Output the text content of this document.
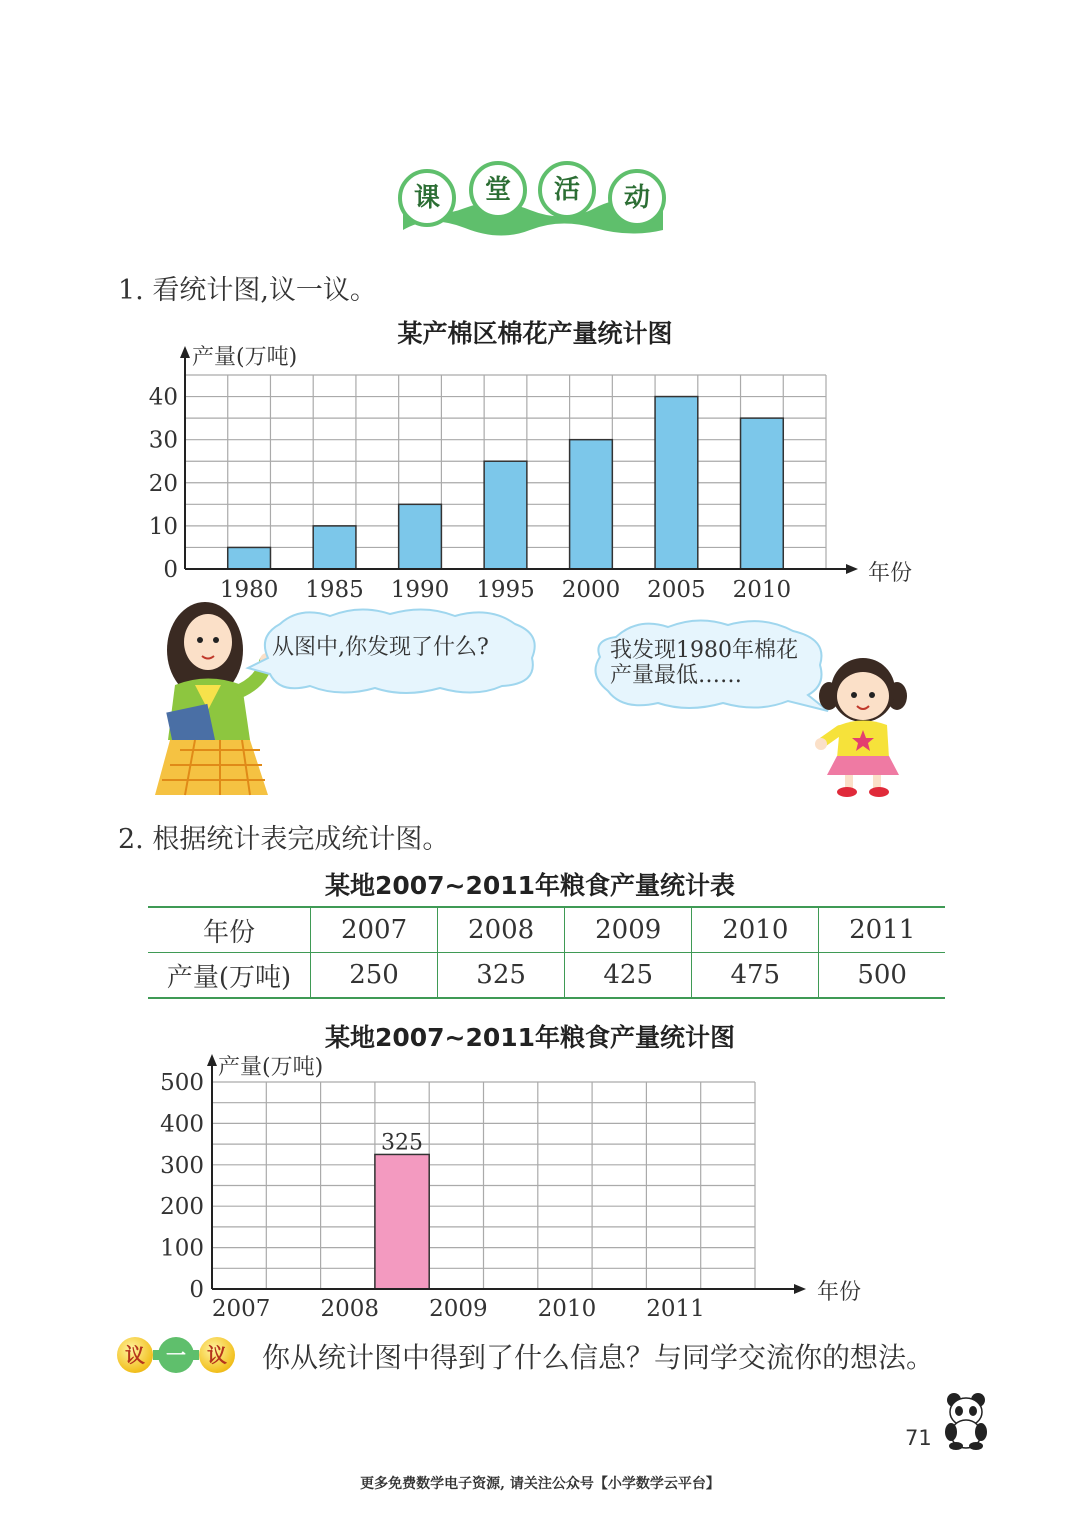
课	堂	活	动
1. 看统计图,议一议。
某产棉区棉花产量统计图
产量(万吨)
年份
1980 1985 1990 1995 2000 2005 2010
0
10
20
30
40
从图中,你发现了什么?	我发现1980年棉花
产量最低……
2. 根据统计表完成统计图。
某地2007~2011年粮食产量统计表
年份	2007	2008	2009	2010	2011
产量(万吨)	250	325	425	475	500
某地2007~2011年粮食产量统计图
产量(万吨)
年份
2007
325
2008 2009 2010 2011
0
100
200
300
400
500
议	一	议 你从统计图中得到了什么信息？与同学交流你的想法。
71
更多免费数学电子资源, 请关注公众号【小学数学云平台】
